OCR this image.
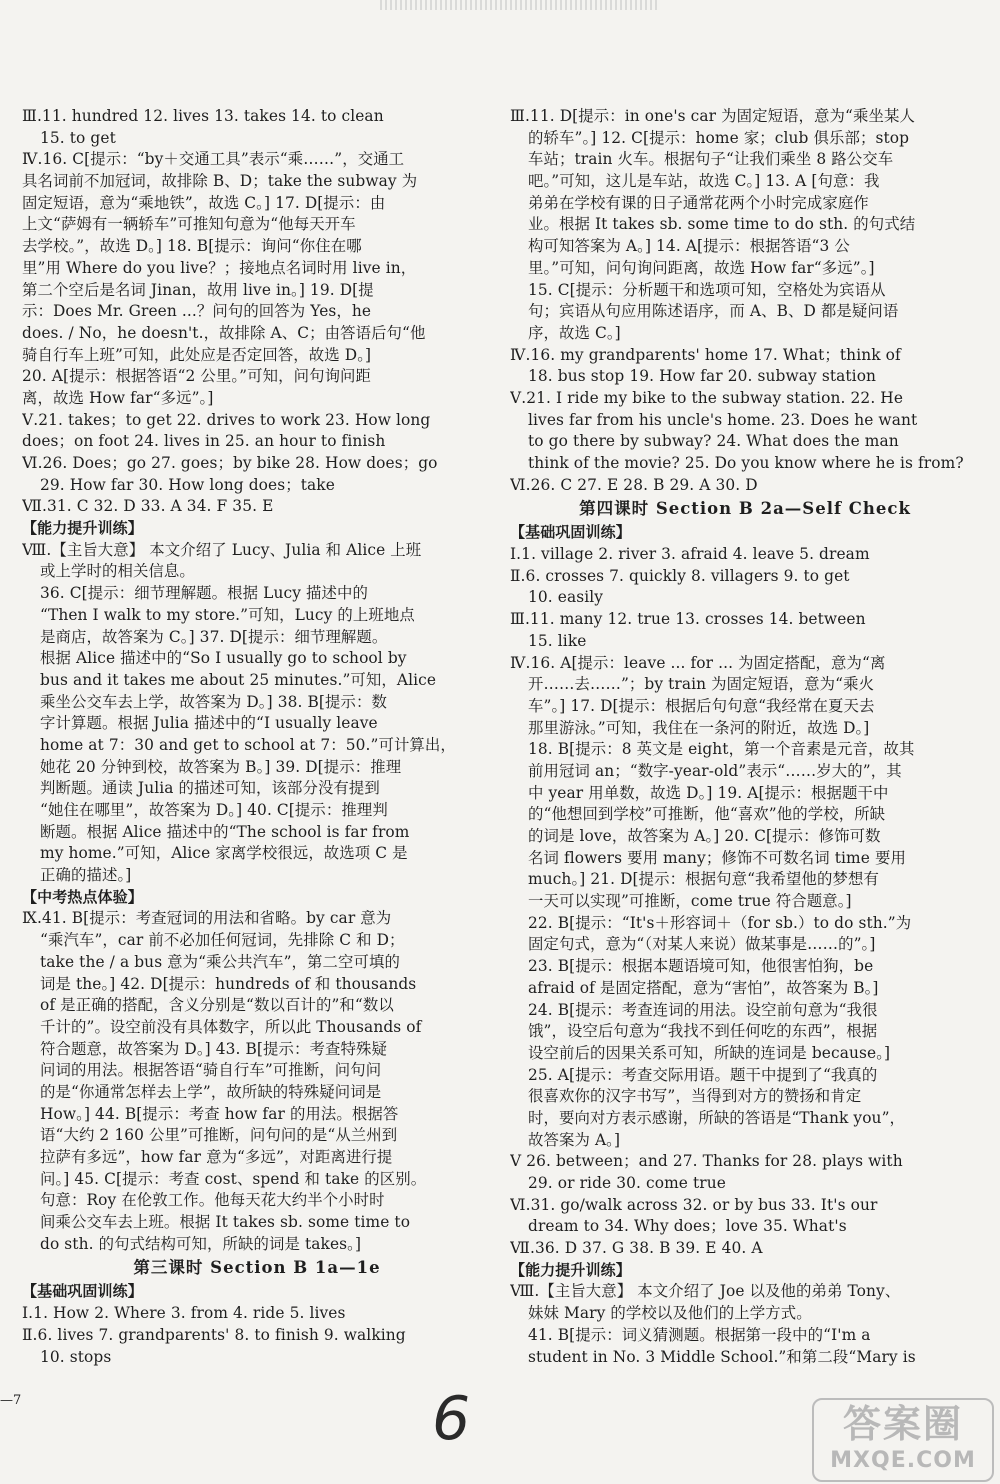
Ⅲ.11. hundred 12. lives 13. takes 14. to clean
15. to get
Ⅳ.16. C[提示：“by＋交通工具”表示“乘……”，交通工
具名词前不加冠词，故排除 B、D；take the subway 为
固定短语，意为“乘地铁”，故选 C。] 17. D[提示：由
上文“萨姆有一辆轿车”可推知句意为“他每天开车
去学校。”，故选 D。] 18. B[提示：询问“你住在哪
里”用 Where do you live？；接地点名词时用 live in，
第二个空后是名词 Jinan，故用 live in。] 19. D[提
示：Does Mr. Green ...？问句的回答为 Yes，he
does. / No，he doesn't.，故排除 A、C；由答语后句“他
骑自行车上班”可知，此处应是否定回答，故选 D。]
20. A[提示：根据答语“2 公里。”可知，问句询问距
离，故选 How far“多远”。]
Ⅴ.21. takes；to get 22. drives to work 23. How long
does；on foot 24. lives in 25. an hour to finish
Ⅵ.26. Does；go 27. goes；by bike 28. How does；go
29. How far 30. How long does；take
Ⅶ.31. C 32. D 33. A 34. F 35. E
【能力提升训练】
Ⅷ.【主旨大意】 本文介绍了 Lucy、Julia 和 Alice 上班
或上学时的相关信息。
36. C[提示：细节理解题。根据 Lucy 描述中的
“Then I walk to my store.”可知，Lucy 的上班地点
是商店，故答案为 C。] 37. D[提示：细节理解题。
根据 Alice 描述中的“So I usually go to school by
bus and it takes me about 25 minutes.”可知，Alice
乘坐公交车去上学，故答案为 D。] 38. B[提示：数
字计算题。根据 Julia 描述中的“I usually leave
home at 7：30 and get to school at 7：50.”可计算出，
她花 20 分钟到校，故答案为 B。] 39. D[提示：推理
判断题。通读 Julia 的描述可知，该部分没有提到
“她住在哪里”，故答案为 D。] 40. C[提示：推理判
断题。根据 Alice 描述中的“The school is far from
my home.”可知，Alice 家离学校很远，故选项 C 是
正确的描述。]
【中考热点体验】
Ⅸ.41. B[提示：考查冠词的用法和省略。by car 意为
“乘汽车”，car 前不必加任何冠词，先排除 C 和 D；
take the / a bus 意为“乘公共汽车”，第二空可填的
词是 the。] 42. D[提示：hundreds of 和 thousands
of 是正确的搭配，含义分别是“数以百计的”和“数以
千计的”。设空前没有具体数字，所以此 Thousands of
符合题意，故答案为 D。] 43. B[提示：考查特殊疑
问词的用法。根据答语“骑自行车”可推断，问句问
的是“你通常怎样去上学”，故所缺的特殊疑问词是
How。] 44. B[提示：考查 how far 的用法。根据答
语“大约 2 160 公里”可推断，问句问的是“从兰州到
拉萨有多远”，how far 意为“多远”，对距离进行提
问。] 45. C[提示：考查 cost、spend 和 take 的区别。
句意：Roy 在伦敦工作。他每天花大约半个小时时
间乘公交车去上班。根据 It takes sb. some time to
do sth. 的句式结构可知，所缺的词是 takes。]
第三课时 Section B 1a—1e
【基础巩固训练】
Ⅰ.1. How 2. Where 3. from 4. ride 5. lives
Ⅱ.6. lives 7. grandparents' 8. to finish 9. walking
10. stops
Ⅲ.11. D[提示：in one's car 为固定短语，意为“乘坐某人
的轿车”。] 12. C[提示：home 家；club 俱乐部；stop
车站；train 火车。根据句子“让我们乘坐 8 路公交车
吧。”可知，这儿是车站，故选 C。] 13. A [句意：我
弟弟在学校有课的日子通常花两个小时完成家庭作
业。根据 It takes sb. some time to do sth. 的句式结
构可知答案为 A。] 14. A[提示：根据答语“3 公
里。”可知，问句询问距离，故选 How far“多远”。]
15. C[提示：分析题干和选项可知，空格处为宾语从
句；宾语从句应用陈述语序，而 A、B、D 都是疑问语
序，故选 C。]
Ⅳ.16. my grandparents' home 17. What；think of
18. bus stop 19. How far 20. subway station
Ⅴ.21. I ride my bike to the subway station. 22. He
lives far from his uncle's home. 23. Does he want
to go there by subway? 24. What does the man
think of the movie? 25. Do you know where he is from?
Ⅵ.26. C 27. E 28. B 29. A 30. D
第四课时 Section B 2a—Self Check
【基础巩固训练】
Ⅰ.1. village 2. river 3. afraid 4. leave 5. dream
Ⅱ.6. crosses 7. quickly 8. villagers 9. to get
10. easily
Ⅲ.11. many 12. true 13. crosses 14. between
15. like
Ⅳ.16. A[提示：leave ... for ... 为固定搭配，意为“离
开……去……”；by train 为固定短语，意为“乘火
车”。] 17. D[提示：根据后句句意“我经常在夏天去
那里游泳。”可知，我住在一条河的附近，故选 D。]
18. B[提示：8 英文是 eight，第一个音素是元音，故其
前用冠词 an；“数字-year-old”表示“……岁大的”，其
中 year 用单数，故选 D。] 19. A[提示：根据题干中
的“他想回到学校”可推断，他“喜欢”他的学校，所缺
的词是 love，故答案为 A。] 20. C[提示：修饰可数
名词 flowers 要用 many；修饰不可数名词 time 要用
much。] 21. D[提示：根据句意“我希望他的梦想有
一天可以实现”可推断，come true 符合题意。]
22. B[提示：“It's＋形容词＋（for sb.）to do sth.”为
固定句式，意为“（对某人来说）做某事是……的”。]
23. B[提示：根据本题语境可知，他很害怕狗，be
afraid of 是固定搭配，意为“害怕”，故答案为 B。]
24. B[提示：考查连词的用法。设空前句意为“我很
饿”，设空后句意为“我找不到任何吃的东西”，根据
设空前后的因果关系可知，所缺的连词是 because。]
25. A[提示：考查交际用语。题干中提到了“我真的
很喜欢你的汉字书写”，当得到对方的赞扬和肯定
时，要向对方表示感谢，所缺的答语是“Thank you”，
故答案为 A。]
Ⅴ 26. between；and 27. Thanks for 28. plays with
29. or ride 30. come true
Ⅵ.31. go/walk across 32. or by bus 33. It's our
dream to 34. Why does；love 35. What's
Ⅶ.36. D 37. G 38. B 39. E 40. A
【能力提升训练】
Ⅷ.【主旨大意】 本文介绍了 Joe 以及他的弟弟 Tony、
妹妹 Mary 的学校以及他们的上学方式。
41. B[提示：词义猜测题。根据第一段中的“I'm a
student in No. 3 Middle School.”和第二段“Mary is
—7	6	答案圈
MXQE.COM
